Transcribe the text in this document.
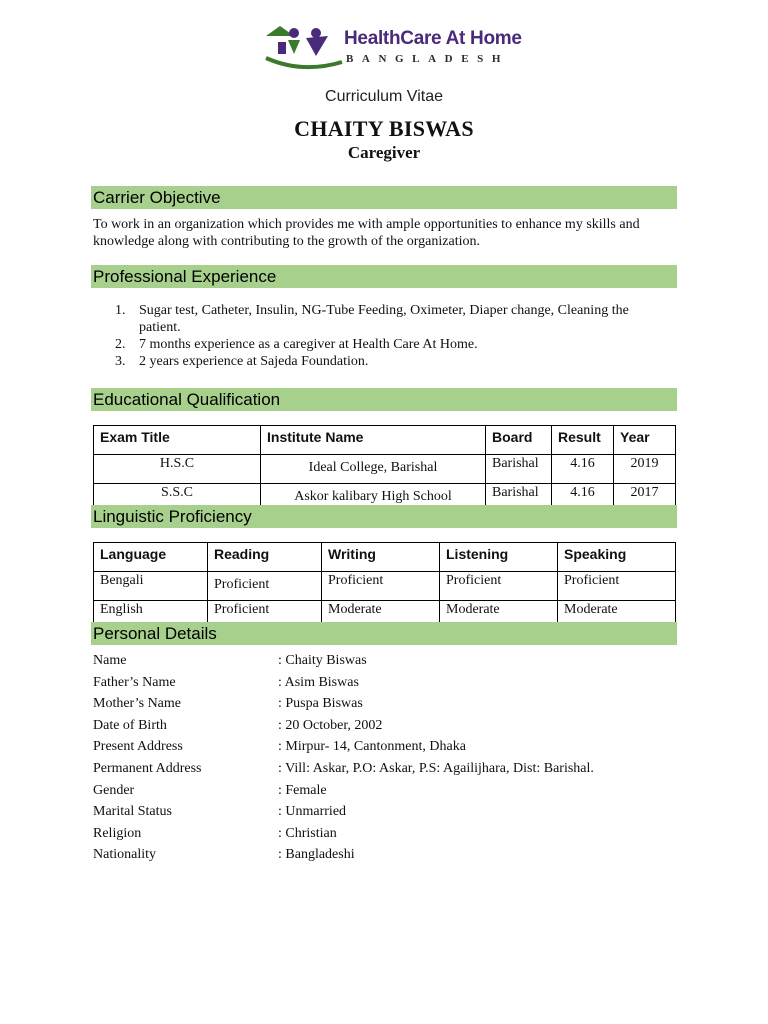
HealthCare At Home
BANGLADESH
Curriculum Vitae
CHAITY BISWAS
Caregiver
Carrier Objective
To work in an organization which provides me with ample opportunities to enhance my skills and knowledge along with contributing to the growth of the organization.
Professional Experience
1. Sugar test, Catheter, Insulin, NG-Tube Feeding, Oximeter, Diaper change, Cleaning the patient.
2. 7 months experience as a caregiver at Health Care At Home.
3. 2 years experience at Sajeda Foundation.
Educational Qualification
Exam Title	Institute Name	Board	Result	Year
H.S.C	Ideal College, Barishal	Barishal	4.16	2019
S.S.C	Askor kalibary High School	Barishal	4.16	2017
Linguistic Proficiency
Language	Reading	Writing	Listening	Speaking
Bengali	Proficient	Proficient	Proficient	Proficient
English	Proficient	Moderate	Moderate	Moderate
Personal Details
Name	: Chaity Biswas
Father’s Name	: Asim Biswas
Mother’s Name	: Puspa Biswas
Date of Birth	: 20 October, 2002
Present Address	: Mirpur- 14, Cantonment, Dhaka
Permanent Address	: Vill: Askar, P.O: Askar, P.S: Agailijhara, Dist: Barishal.
Gender	: Female
Marital Status	: Unmarried
Religion	: Christian
Nationality	: Bangladeshi
